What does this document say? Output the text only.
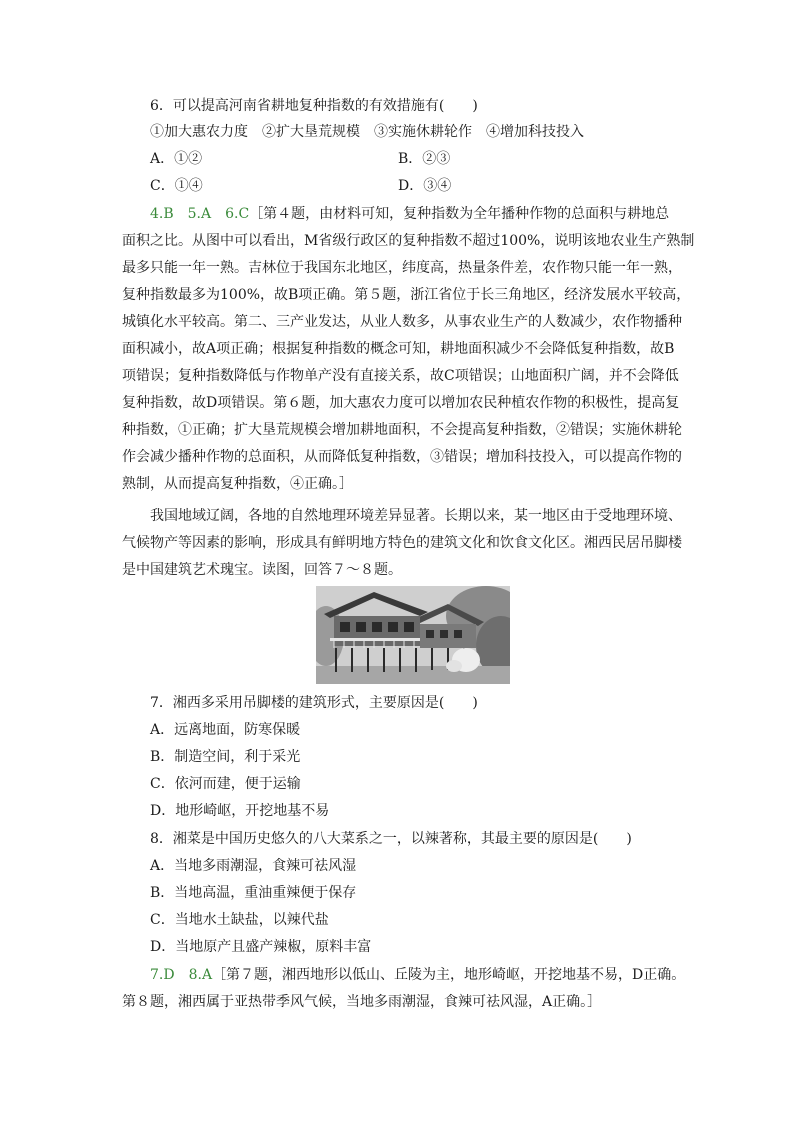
6．可以提高河南省耕地复种指数的有效措施有(　　)
①加大惠农力度　②扩大垦荒规模　③实施休耕轮作　④增加科技投入
A．①②	B．②③
C．①④	D．③④
4.B　5.A　6.C［第４题，由材料可知，复种指数为全年播种作物的总面积与耕地总
面积之比。从图中可以看出，M省级行政区的复种指数不超过100%，说明该地农业生产熟制
最多只能一年一熟。吉林位于我国东北地区，纬度高，热量条件差，农作物只能一年一熟，
复种指数最多为100%，故B项正确。第５题，浙江省位于长三角地区，经济发展水平较高，
城镇化水平较高。第二、三产业发达，从业人数多，从事农业生产的人数减少，农作物播种
面积减小，故A项正确；根据复种指数的概念可知，耕地面积减少不会降低复种指数，故B
项错误；复种指数降低与作物单产没有直接关系，故C项错误；山地面积广阔，并不会降低
复种指数，故D项错误。第６题，加大惠农力度可以增加农民种植农作物的积极性，提高复
种指数，①正确；扩大垦荒规模会增加耕地面积，不会提高复种指数，②错误；实施休耕轮
作会减少播种作物的总面积，从而降低复种指数，③错误；增加科技投入，可以提高作物的
熟制，从而提高复种指数，④正确。］
我国地域辽阔，各地的自然地理环境差异显著。长期以来，某一地区由于受地理环境、
气候物产等因素的影响，形成具有鲜明地方特色的建筑文化和饮食文化区。湘西民居吊脚楼
是中国建筑艺术瑰宝。读图，回答７～８题。
7．湘西多采用吊脚楼的建筑形式，主要原因是(　　)
A．远离地面，防寒保暖
B．制造空间，利于采光
C．依河而建，便于运输
D．地形崎岖，开挖地基不易
8．湘菜是中国历史悠久的八大菜系之一，以辣著称，其最主要的原因是(　　)
A．当地多雨潮湿，食辣可祛风湿
B．当地高温，重油重辣便于保存
C．当地水土缺盐，以辣代盐
D．当地原产且盛产辣椒，原料丰富
7.D　8.A［第７题，湘西地形以低山、丘陵为主，地形崎岖，开挖地基不易，D正确。
第８题，湘西属于亚热带季风气候，当地多雨潮湿，食辣可祛风湿，A正确。］
